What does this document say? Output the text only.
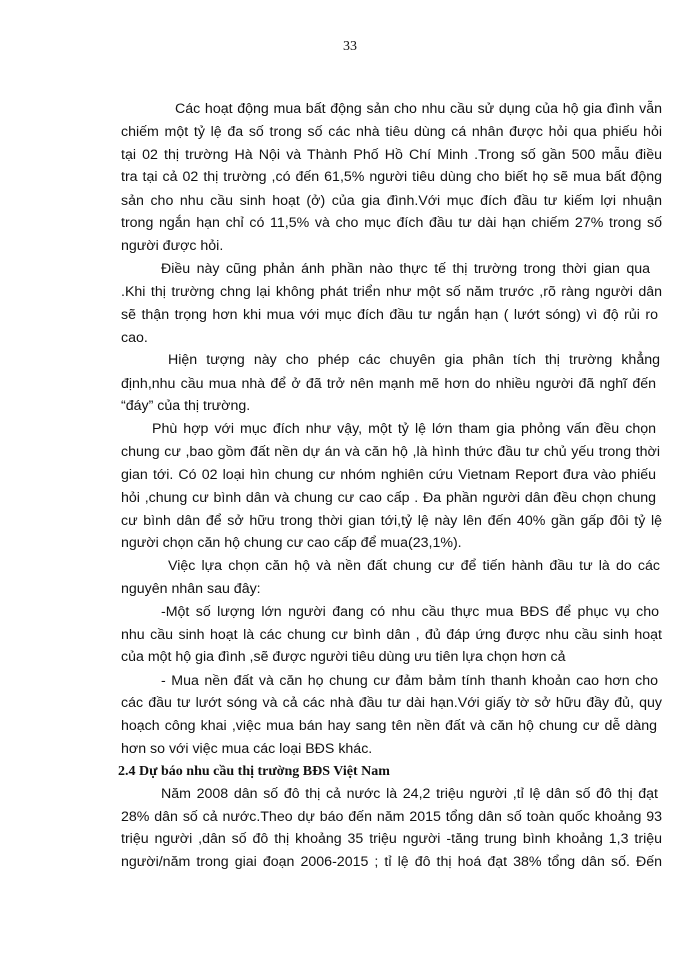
33
Các hoạt động mua bất động sản cho nhu cầu sử dụng của hộ gia đình vẫn
chiếm một tỷ lệ đa số trong số các nhà tiêu dùng cá nhân được hỏi qua phiếu hỏi
tại 02 thị trường Hà Nội và Thành Phố Hồ Chí Minh .Trong số gần 500 mẫu điều
tra tại cả 02 thị trường ,có đến 61,5% người tiêu dùng cho biết họ sẽ mua bất động
sản cho nhu cầu sinh hoạt (ở) của gia đình.Với mục đích đầu tư kiếm lợi nhuận
trong ngắn hạn chỉ có 11,5% và cho mục đích đầu tư dài hạn chiếm 27% trong số
người được hỏi.
Điều này cũng phản ánh phần nào thực tế thị trường trong thời gian qua
.Khi thị trường chng lại không phát triển như một số năm trước ,rõ ràng người dân
sẽ thận trọng hơn khi mua với mục đích đầu tư ngắn hạn ( lướt sóng) vì độ rủi ro
cao.
Hiện tượng này cho phép các chuyên gia phân tích thị trường khẳng
định,nhu cầu mua nhà để ở đã trở nên mạnh mẽ hơn do nhiều người đã nghĩ đến
“đáy” của thị trường.
Phù hợp với mục đích như vậy, một tỷ lệ lớn tham gia phỏng vấn đều chọn
chung cư ,bao gồm đất nền dự án và căn hộ ,là hình thức đầu tư chủ yếu trong thời
gian tới. Có 02 loại hìn chung cư nhóm nghiên cứu Vietnam Report đưa vào phiếu
hỏi ,chung cư bình dân và chung cư cao cấp . Đa phần người dân đều chọn chung
cư bình dân để sở hữu trong thời gian tới,tỷ lệ này lên đến 40% gần gấp đôi tỷ lệ
người chọn căn hộ chung cư cao cấp để mua(23,1%).
Việc lựa chọn căn hộ và nền đất chung cư để tiến hành đầu tư là do các
nguyên nhân sau đây:
-Một số lượng lớn người đang có nhu cầu thực mua BĐS để phục vụ cho
nhu cầu sinh hoạt là các chung cư bình dân , đủ đáp ứng được nhu cầu sinh hoạt
của một hộ gia đình ,sẽ được người tiêu dùng ưu tiên lựa chọn hơn cả
- Mua nền đất và căn họ chung cư đảm bảm tính thanh khoản cao hơn cho
các đầu tư lướt sóng và cả các nhà đầu tư dài hạn.Với giấy tờ sở hữu đầy đủ, quy
hoạch công khai ,việc mua bán hay sang tên nền đất và căn hộ chung cư dễ dàng
hơn so với việc mua các loại BĐS khác.
2.4 Dự báo nhu cầu thị trường BĐS Việt Nam
Năm 2008 dân số đô thị cả nước là 24,2 triệu người ,tỉ lệ dân số đô thị đạt
28% dân số cả nước.Theo dự báo đến năm 2015 tổng dân số toàn quốc khoảng 93
triệu người ,dân số đô thị khoảng 35 triệu người -tăng trung bình khoảng 1,3 triệu
người/năm trong giai đoạn 2006-2015 ; tỉ lệ đô thị hoá đạt 38% tổng dân số. Đến
